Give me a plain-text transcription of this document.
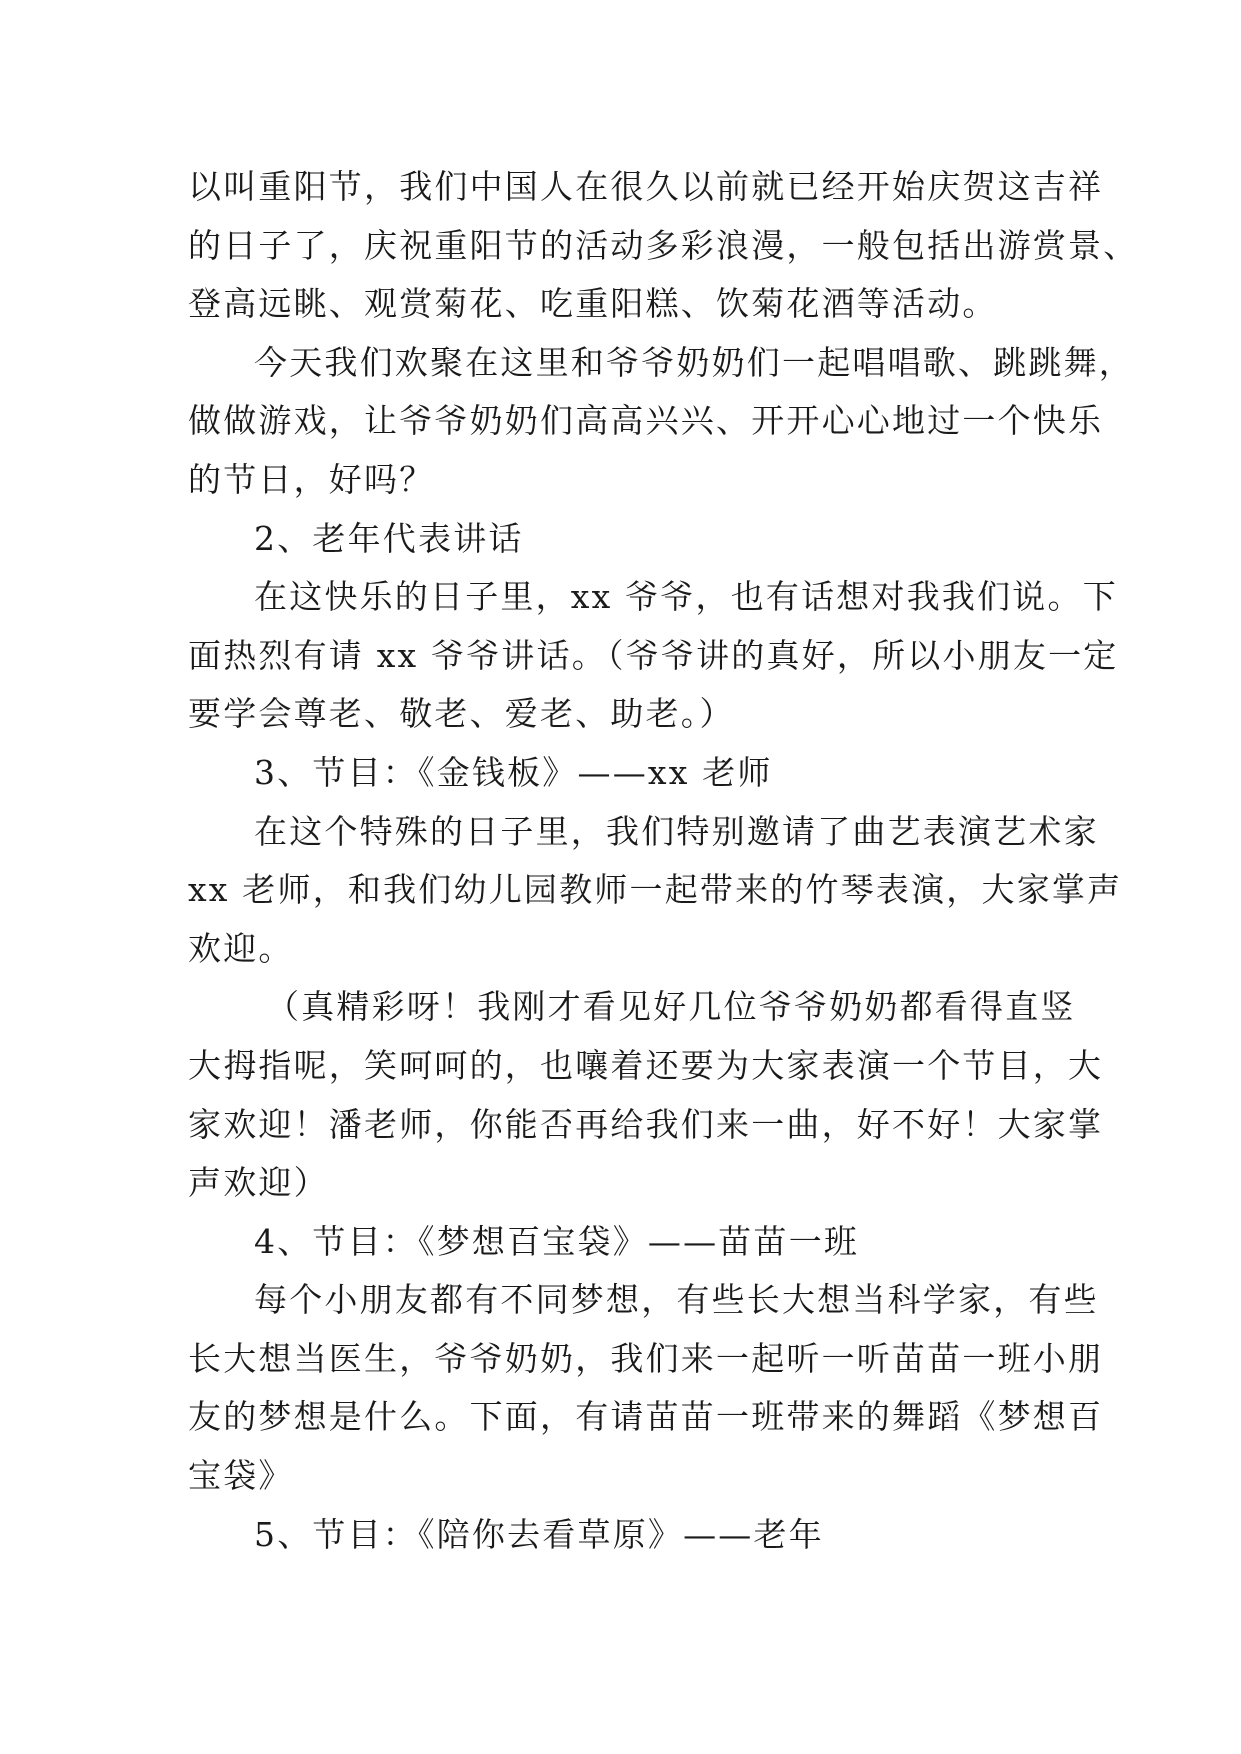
以叫重阳节，我们中国人在很久以前就已经开始庆贺这吉祥
的日子了，庆祝重阳节的活动多彩浪漫，一般包括出游赏景、
登高远眺、观赏菊花、吃重阳糕、饮菊花酒等活动。
今天我们欢聚在这里和爷爷奶奶们一起唱唱歌、跳跳舞，
做做游戏，让爷爷奶奶们高高兴兴、开开心心地过一个快乐
的节日，好吗？
2、老年代表讲话
在这快乐的日子里，xx 爷爷，也有话想对我我们说。下
面热烈有请 xx 爷爷讲话。（爷爷讲的真好，所以小朋友一定
要学会尊老、敬老、爱老、助老。）
3、节目：《金钱板》——xx 老师
在这个特殊的日子里，我们特别邀请了曲艺表演艺术家
xx 老师，和我们幼儿园教师一起带来的竹琴表演，大家掌声
欢迎。
（真精彩呀！我刚才看见好几位爷爷奶奶都看得直竖
大拇指呢，笑呵呵的，也嚷着还要为大家表演一个节目，大
家欢迎！潘老师，你能否再给我们来一曲，好不好！大家掌
声欢迎）
4、节目：《梦想百宝袋》——苗苗一班
每个小朋友都有不同梦想，有些长大想当科学家，有些
长大想当医生，爷爷奶奶，我们来一起听一听苗苗一班小朋
友的梦想是什么。下面，有请苗苗一班带来的舞蹈《梦想百
宝袋》
5、节目：《陪你去看草原》——老年
